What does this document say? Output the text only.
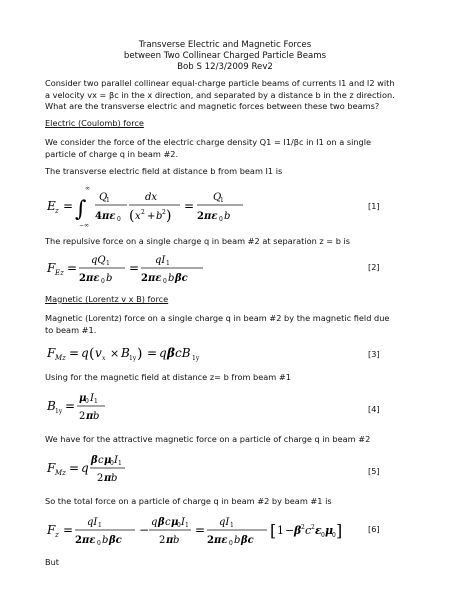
Transverse Electric and Magnetic Forces
between Two Collinear Charged Particle Beams
Bob S 12/3/2009 Rev2
Consider two parallel collinear equal-charge particle beams of currents I1 and I2 with
a velocity vx = βc in the x direction, and separated by a distance b in the z direction.
What are the transverse electric and magnetic forces between these two beams?
Electric (Coulomb) force
We consider the force of the electric charge density Q1 = I1/βc in I1 on a single
particle of charge q in beam #2.
The transverse electric field at distance b from beam I1 is
E z = ∫
∞
−∞
Q
1
4 πε 0
dx
( x 2 + b 2 )
=
Q
1
2 πε 0 b
[1]
The repulsive force on a single charge q in beam #2 at separation z = b is
F Ez =
qQ 1
2 πε 0 b
=
qI 1
2 πε 0 b βc
[2]
Magnetic (Lorentz v x B) force
Magnetic (Lorentz) force on a single charge q in beam #2 by the magnetic field due
to beam #1.
F Mz = q ( v x × B 1y ) = q β cB 1y	[3]
Using for the magnetic field at distance z= b from beam #1
B 1y =
μ
0 I 1
2 π b
[4]
We have for the attractive magnetic force on a particle of charge q in beam #2
F Mz = q
β c μ
0 I 1
2 π b
[5]
So the total force on a particle of charge q in beam #2 by beam #1 is
F z =
qI 1
2 πε 0 b βc
−
q β c μ
0 I 1
2 π b
=
qI 1
2 πε 0 b βc
[ 1 − β 2 c 2 ε 0 μ
0 ]	[6]
But
